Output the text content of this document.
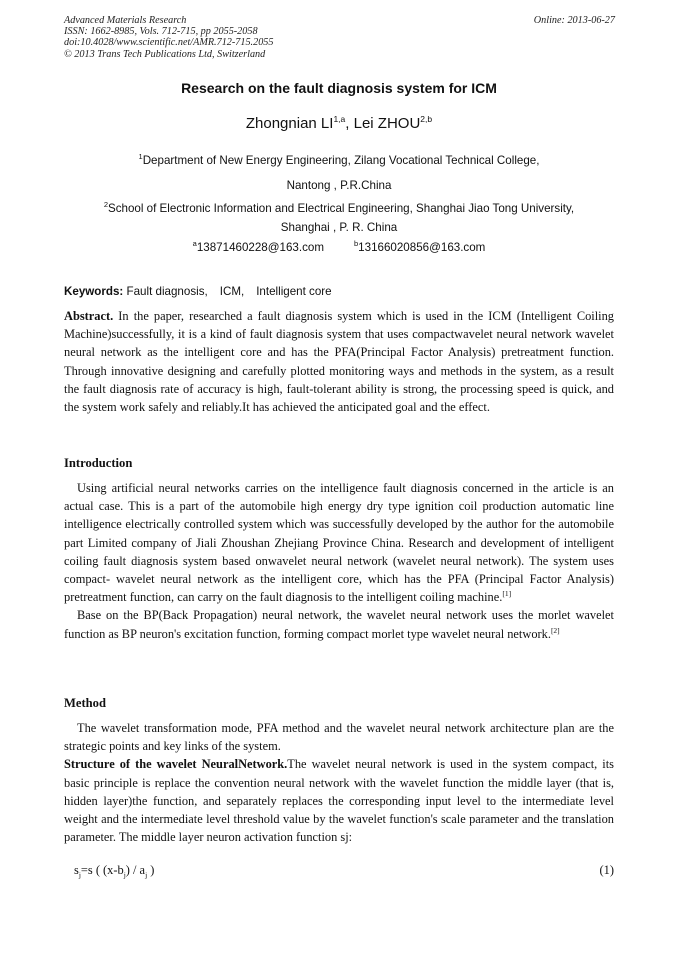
Advanced Materials Research
ISSN: 1662-8985, Vols. 712-715, pp 2055-2058
doi:10.4028/www.scientific.net/AMR.712-715.2055
© 2013 Trans Tech Publications Ltd, Switzerland
Online: 2013-06-27
Research on the fault diagnosis system for ICM
Zhongnian LI$^{1,a}$, Lei ZHOU$^{2,b}$
$^1$Department of New Energy Engineering, Zilang Vocational Technical College,
Nantong , P.R.China
$^2$School of Electronic Information and Electrical Engineering, Shanghai Jiao Tong University,
Shanghai , P. R. China
$^a$13871460228@163.com	$^b$13166020856@163.com
Keywords: Fault diagnosis, ICM, Intelligent core
Abstract. In the paper, researched a fault diagnosis system which is used in the ICM (Intelligent Coiling Machine)successfully, it is a kind of fault diagnosis system that uses compactwavelet neural network wavelet neural network as the intelligent core and has the PFA(Principal Factor Analysis) pretreatment function. Through innovative designing and carefully plotted monitoring ways and methods in the system, as a result the fault diagnosis rate of accuracy is high, fault-tolerant ability is strong, the processing speed is quick, and the system work safely and reliably.It has achieved the anticipated goal and the effect.
Introduction
Using artificial neural networks carries on the intelligence fault diagnosis concerned in the article is an actual case. This is a part of the automobile high energy dry type ignition coil production automatic line intelligence electrically controlled system which was successfully developed by the author for the automobile part Limited company of Jiali Zhoushan Zhejiang Province China. Research and development of intelligent coiling fault diagnosis system based onwavelet neural network (wavelet neural network). The system uses compact- wavelet neural network as the intelligent core, which has the PFA (Principal Factor Analysis) pretreatment function, can carry on the fault diagnosis to the intelligent coiling machine.[1]
Base on the BP(Back Propagation) neural network, the wavelet neural network uses the morlet wavelet function as BP neuron's excitation function, forming compact morlet type wavelet neural network.[2]
Method
The wavelet transformation mode, PFA method and the wavelet neural network architecture plan are the strategic points and key links of the system.
Structure of the wavelet NeuralNetwork.The wavelet neural network is used in the system compact, its basic principle is replace the convention neural network with the wavelet function the middle layer (that is, hidden layer)the function, and separately replaces the corresponding input level to the intermediate level weight and the intermediate level threshold value by the wavelet function's scale parameter and the translation parameter. The middle layer neuron activation function sj:
$s_j=s$ ( $(x-b_j) / a_j$ )	(1)
